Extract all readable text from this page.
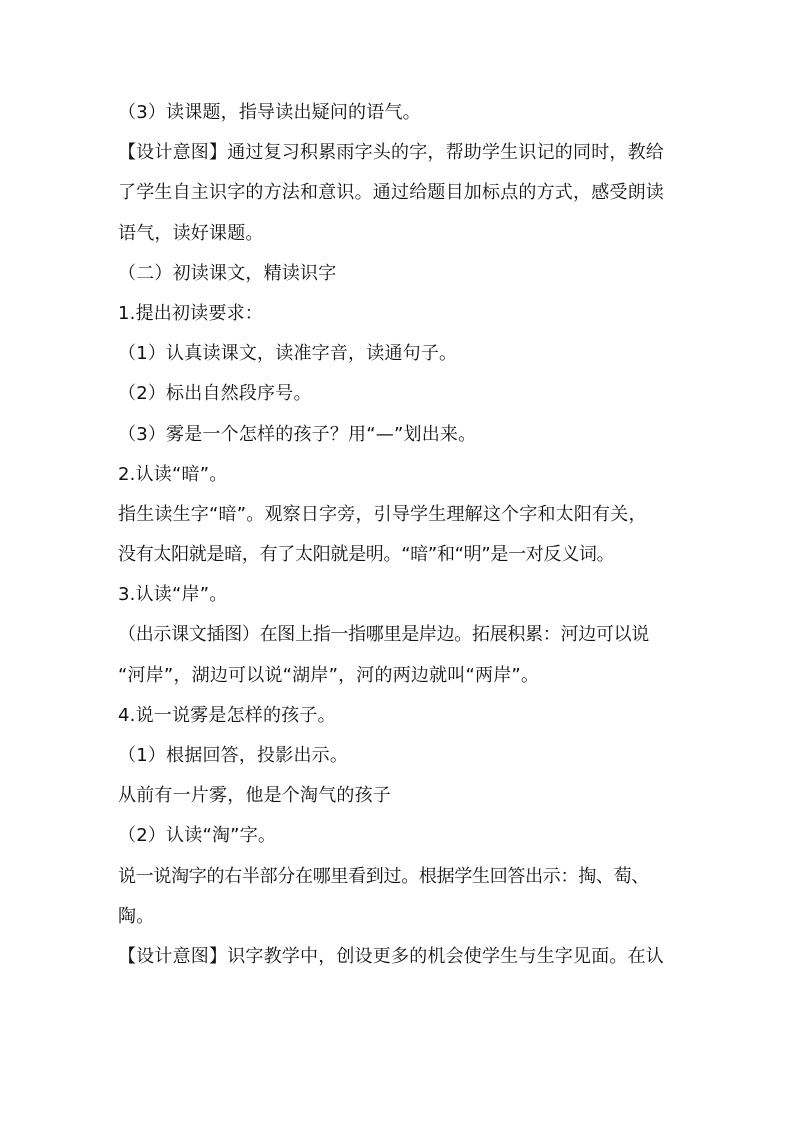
（3）读课题，指导读出疑问的语气。
【设计意图】通过复习积累雨字头的字，帮助学生识记的同时，教给
了学生自主识字的方法和意识。通过给题目加标点的方式，感受朗读
语气，读好课题。
（二）初读课文，精读识字
1.提出初读要求：
（1）认真读课文，读准字音，读通句子。
（2）标出自然段序号。
（3）雾是一个怎样的孩子？用“—”划出来。
2.认读“暗”。
指生读生字“暗”。观察日字旁，引导学生理解这个字和太阳有关，
没有太阳就是暗，有了太阳就是明。“暗”和“明”是一对反义词。
3.认读“岸”。
（出示课文插图）在图上指一指哪里是岸边。拓展积累：河边可以说
“河岸”，湖边可以说“湖岸”，河的两边就叫“两岸”。
4.说一说雾是怎样的孩子。
（1）根据回答，投影出示。
从前有一片雾，他是个淘气的孩子
（2）认读“淘”字。
说一说淘字的右半部分在哪里看到过。根据学生回答出示：掏、萄、
陶。
【设计意图】识字教学中，创设更多的机会使学生与生字见面。在认
